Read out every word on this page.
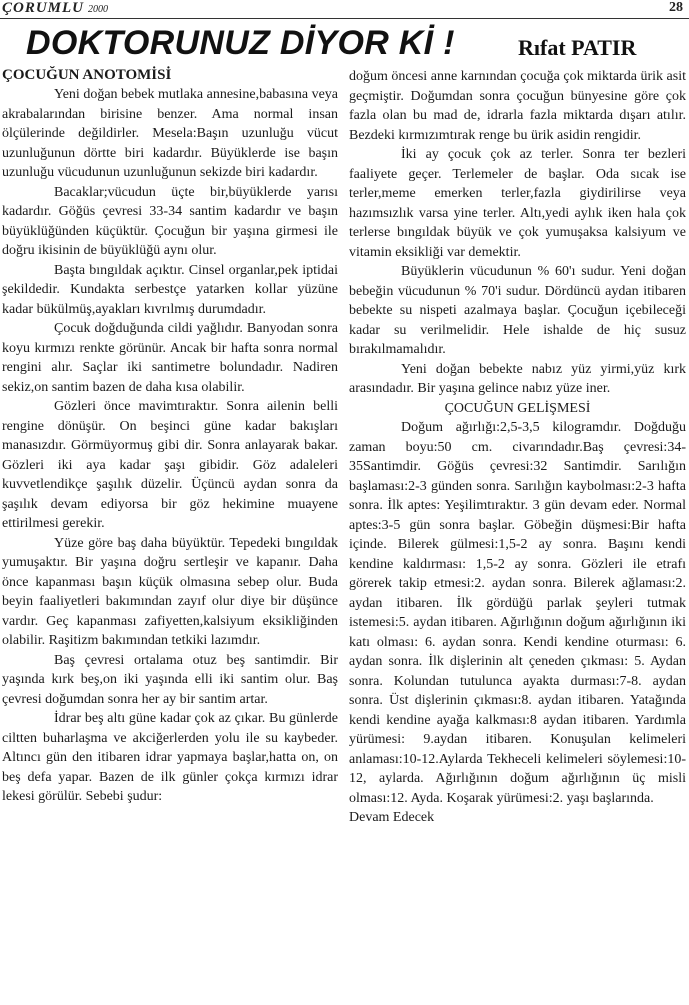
ÇORUMLU 2000	28
DOKTORUNUZ DİYOR Kİ !	Rıfat PATIR
ÇOCUĞUN ANOTOMİSİ

Yeni doğan bebek mutlaka annesine,babasına veya akrabalarından birisine benzer. Ama normal insan ölçülerinde değildirler. Mesela:Başın uzunluğu vücut uzunluğunun dörtte biri kadardır. Büyüklerde ise başın uzunluğu vücudunun uzunluğunun sekizde biri kadardır.

Bacaklar;vücudun üçte bir,büyüklerde yarısı kadardır. Göğüs çevresi 33-34 santim kadardır ve başın büyüklüğünden küçüktür. Çocuğun bir yaşına girmesi ile doğru ikisinin de büyüklüğü aynı olur.

Başta bıngıldak açıktır. Cinsel organlar,pek iptidai şekildedir. Kundakta serbestçe yatarken kollar yüzüne kadar bükülmüş,ayakları kıvrılmış durumdadır.

Çocuk doğduğunda cildi yağlıdır. Banyodan sonra koyu kırmızı renkte görünür. Ancak bir hafta sonra normal rengini alır. Saçlar iki santimetre bolundadır. Nadiren sekiz,on santim bazen de daha kısa olabilir.

Gözleri önce mavimtıraktır. Sonra ailenin belli rengine dönüşür. On beşinci güne kadar bakışları manasızdır. Görmüyormuş gibi dir. Sonra anlayarak bakar. Gözleri iki aya kadar şaşı gibidir. Göz adaleleri kuvvetlendikçe şaşılık düzelir. Üçüncü aydan sonra da şaşılık devam ediyorsa bir göz hekimine muayene ettirilmesi gerekir.

Yüze göre baş daha büyüktür. Tepedeki bıngıldak yumuşaktır. Bir yaşına doğru sertleşir ve kapanır. Daha önce kapanması başın küçük olmasına sebep olur. Buda beyin faaliyetleri bakımından zayıf olur diye bir düşünce vardır. Geç kapanması zafiyetten,kalsiyum eksikliğinden olabilir. Raşitizm bakımından tetkiki lazımdır.

Baş çevresi ortalama otuz beş santimdir. Bir yaşında kırk beş,on iki yaşında elli iki santim olur. Baş çevresi doğumdan sonra her ay bir santim artar.

İdrar beş altı güne kadar çok az çıkar. Bu günlerde ciltten buharlaşma ve akciğerlerden yolu ile su kaybeder. Altıncı gün den itibaren idrar yapmaya başlar,hatta on, on beş defa yapar. Bazen de ilk günler çokça kırmızı idrar lekesi görülür. Sebebi şudur:

doğum öncesi anne karnından çocuğa çok miktarda ürik asit geçmiştir. Doğumdan sonra çocuğun bünyesine göre çok fazla olan bu mad de, idrarla fazla miktarda dışarı atılır. Bezdeki kırmızımtırak renge bu ürik asidin rengidir.

İki ay çocuk çok az terler. Sonra ter bezleri faaliyete geçer. Terlemeler de başlar. Oda sıcak ise terler,meme emerken terler,fazla giydirilirse veya hazımsızlık varsa yine terler. Altı,yedi aylık iken hala çok terlerse bıngıldak büyük ve çok yumuşaksa kalsiyum ve vitamin eksikliği var demektir.

Büyüklerin vücudunun % 60'ı sudur. Yeni doğan bebeğin vücudunun % 70'i sudur. Dördüncü aydan itibaren bebekte su nispeti azalmaya başlar. Çocuğun içebileceği kadar su verilmelidir. Hele ishalde de hiç susuz bırakılmamalıdır.

Yeni doğan bebekte nabız yüz yirmi,yüz kırk arasındadır. Bir yaşına gelince nabız yüze iner.

ÇOCUĞUN GELİŞMESİ

Doğum ağırlığı:2,5-3,5 kilogramdır. Doğduğu zaman boyu:50 cm. civarındadır.Baş çevresi:34-35Santimdir. Göğüs çevresi:32 Santimdir. Sarılığın başlaması:2-3 günden sonra. Sarılığın kaybolması:2-3 hafta sonra. İlk aptes: Yeşilimtıraktır. 3 gün devam eder. Normal aptes:3-5 gün sonra başlar. Göbeğin düşmesi:Bir hafta içinde. Bilerek gülmesi:1,5-2 ay sonra. Başını kendi kendine kaldırması: 1,5-2 ay sonra. Gözleri ile etrafı görerek takip etmesi:2. aydan sonra. Bilerek ağlaması:2. aydan itibaren. İlk gördüğü parlak şeyleri tutmak istemesi:5. aydan itibaren. Ağırlığının doğum ağırlığının iki katı olması: 6. aydan sonra. Kendi kendine oturması: 6. aydan sonra. İlk dişlerinin alt çeneden çıkması: 5. Aydan sonra. Kolundan tutulunca ayakta durması:7-8. aydan sonra. Üst dişlerinin çıkması:8. aydan itibaren. Yatağında kendi kendine ayağa kalkması:8 aydan itibaren. Yardımla yürümesi: 9.aydan itibaren. Konuşulan kelimeleri anlaması:10-12.Aylarda Tekheceli kelimeleri söylemesi:10-12, aylarda. Ağırlığının doğum ağırlığının üç misli olması:12. Ayda. Koşarak yürümesi:2. yaşı başlarında.

Devam Edecek
